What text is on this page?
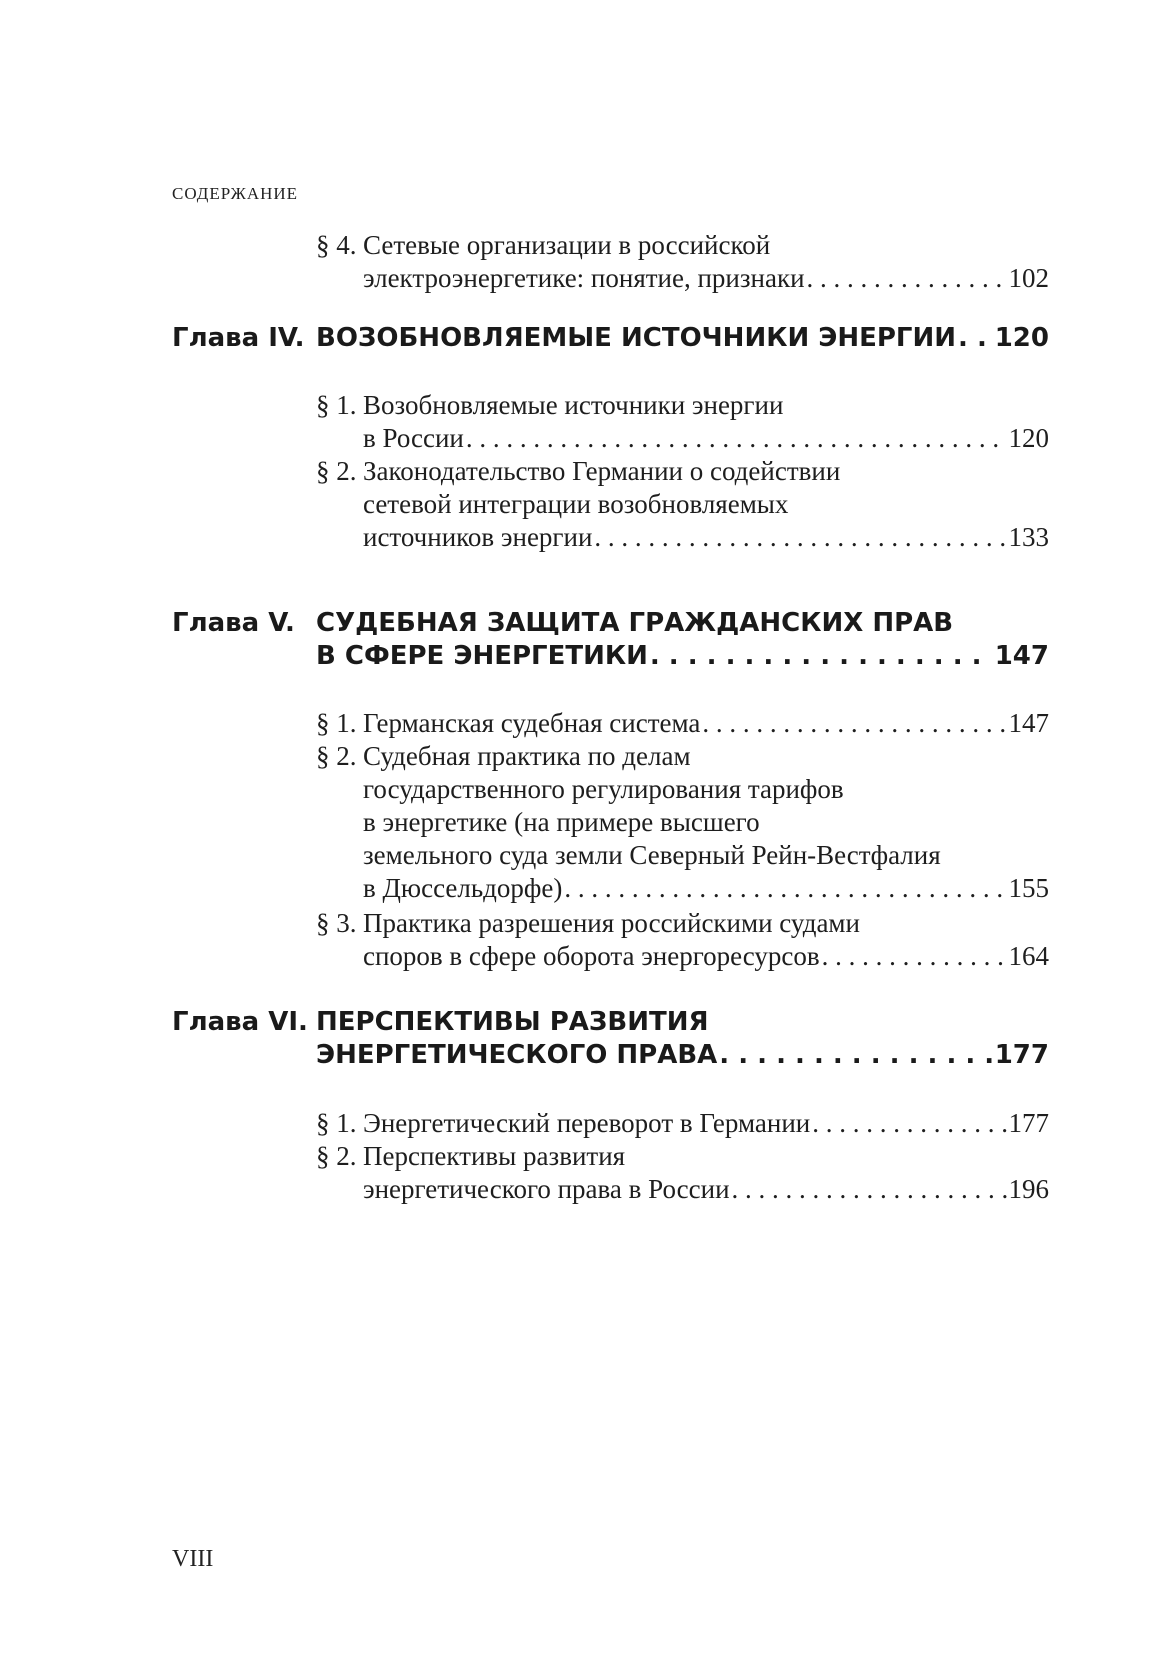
СОДЕРЖАНИЕ
§ 4. Сетевые организации в российской
электроэнергетике: понятие, признаки . . .	102
Глава IV. ВОЗОБНОВЛЯЕМЫЕ ИСТОЧНИКИ ЭНЕРГИИ . . . 120
§ 1. Возобновляемые источники энергии
в России . . .	120
§ 2. Законодательство Германии о содействии
сетевой интеграции возобновляемых
источников энергии . . .	133
Глава V. СУДЕБНАЯ ЗАЩИТА ГРАЖДАНСКИХ ПРАВ
В СФЕРЕ ЭНЕРГЕТИКИ . . .	147
§ 1. Германская судебная система . . .	147
§ 2. Судебная практика по делам
государственного регулирования тарифов
в энергетике (на примере высшего
земельного суда земли Северный Рейн-Вестфалия
в Дюссельдорфе) . . .	155
§ 3. Практика разрешения российскими судами
споров в сфере оборота энергоресурсов . . .	164
Глава VI. ПЕРСПЕКТИВЫ РАЗВИТИЯ
ЭНЕРГЕТИЧЕСКОГО ПРАВА . . .	177
§ 1. Энергетический переворот в Германии . . .	177
§ 2. Перспективы развития
энергетического права в России . . .	196
VIII
